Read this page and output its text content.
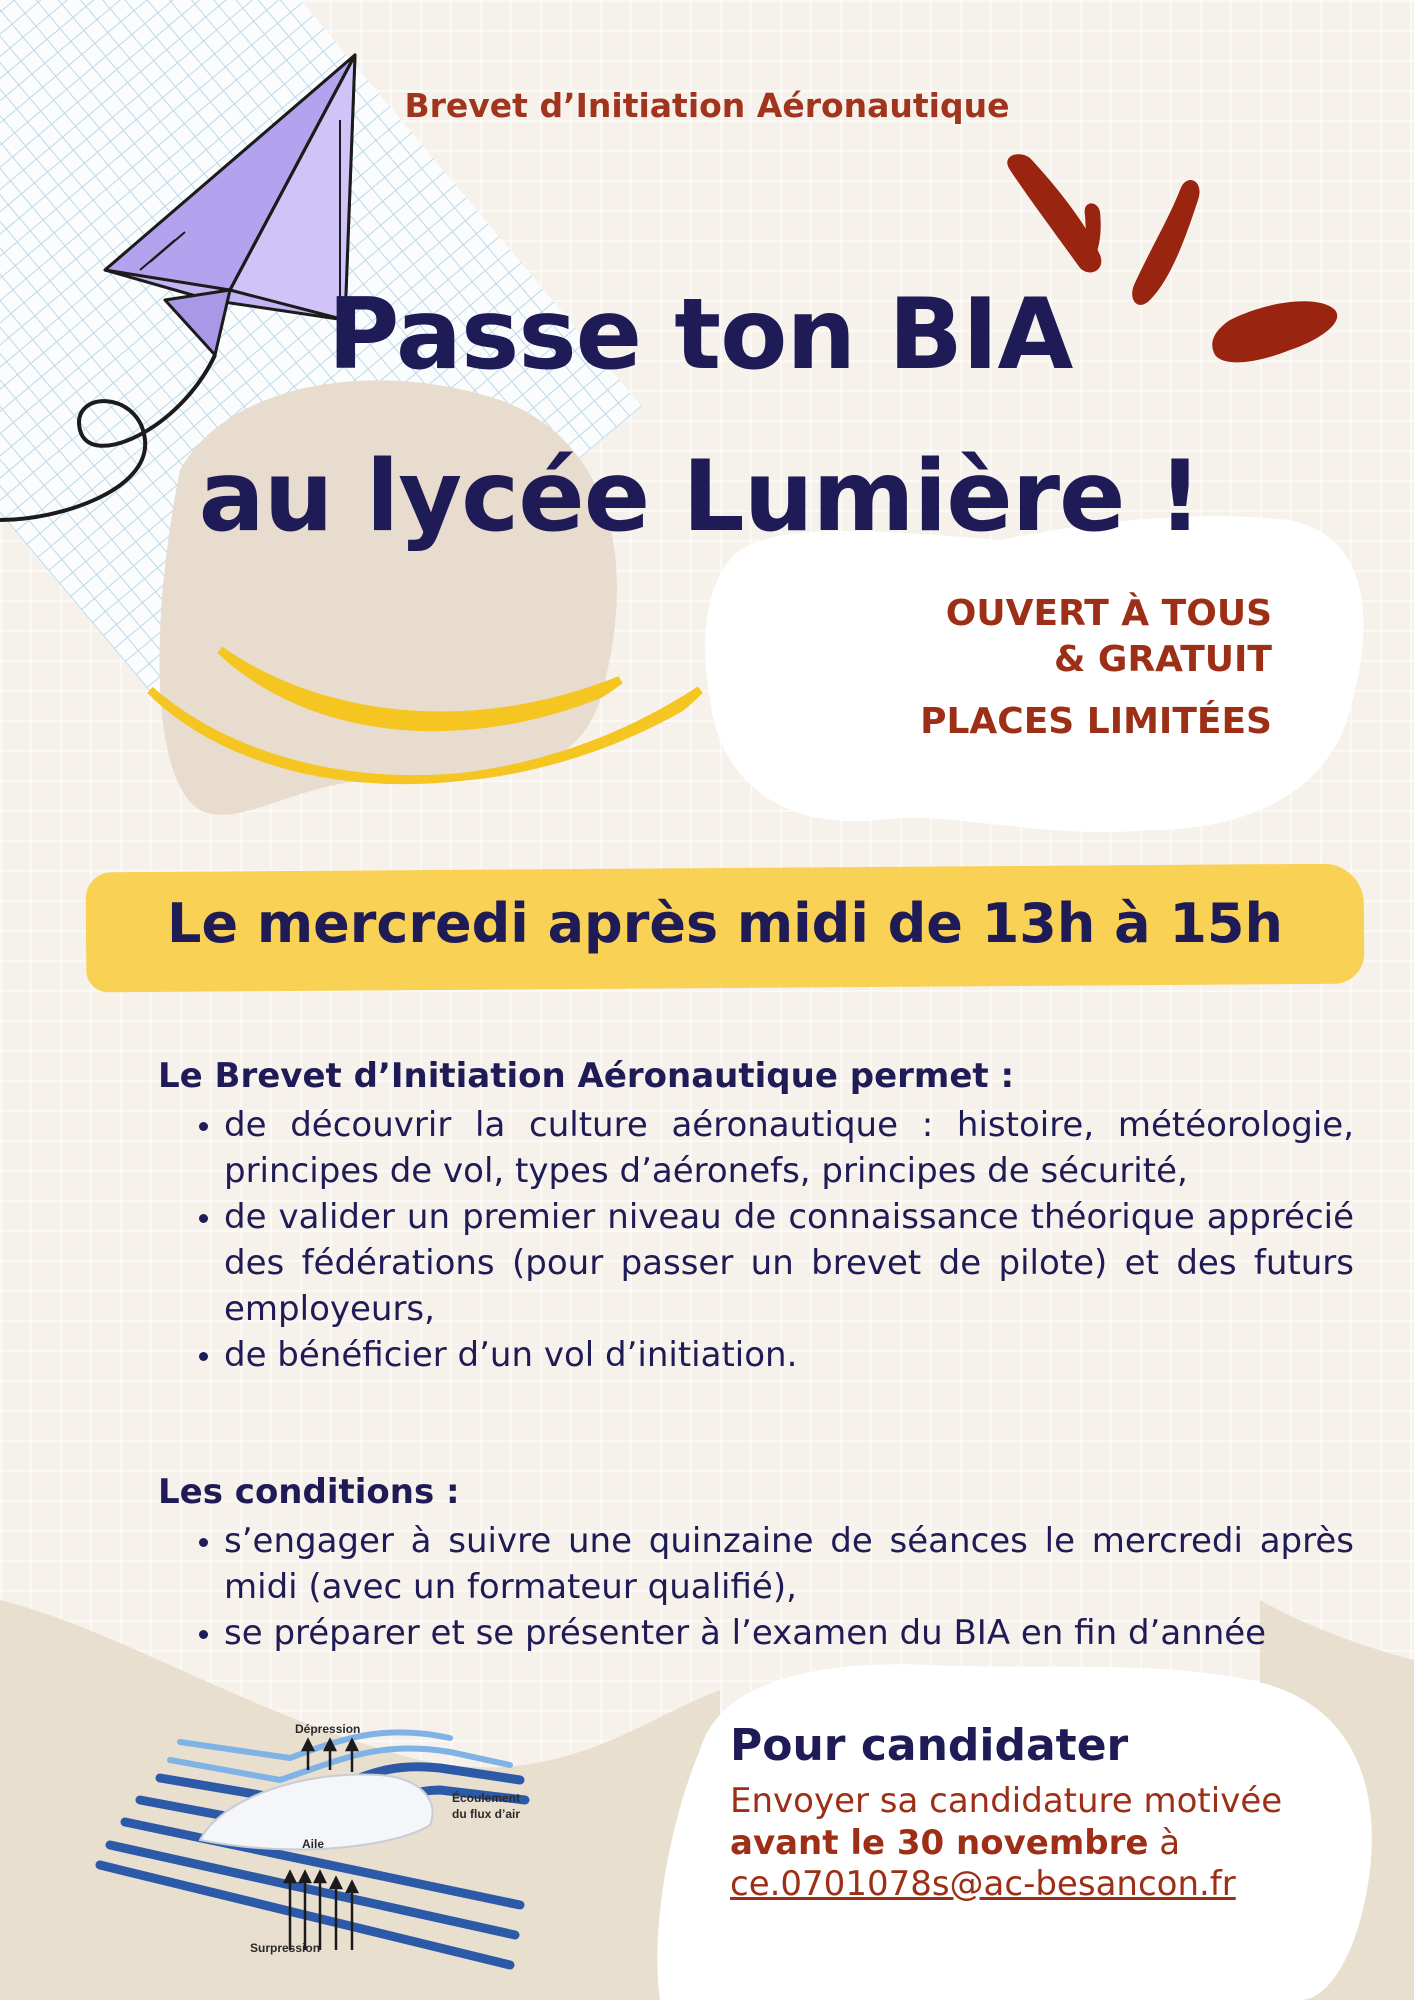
Dépression
Écoulement
du flux d’air
Aile
Surpression
Brevet d’Initiation Aéronautique
Passe ton BIA
au lycée Lumière !
OUVERT À TOUS
& GRATUIT
PLACES LIMITÉES
Le mercredi après midi de 13h à 15h
Le Brevet d’Initiation Aéronautique permet :
• de découvrir la culture aéronautique : histoire, météorologie, principes de vol, types d’aéronefs, principes de sécurité,
• de valider un premier niveau de connaissance théorique apprécié des fédérations (pour passer un brevet de pilote) et des futurs employeurs,
• de bénéficier d’un vol d’initiation.
Les conditions :
• s’engager à suivre une quinzaine de séances le mercredi après midi (avec un formateur qualifié),
• se préparer et se présenter à l’examen du BIA en fin d’année
Pour candidater
Envoyer sa candidature motivée avant le 30 novembre à
ce.0701078s@ac-besancon.fr
